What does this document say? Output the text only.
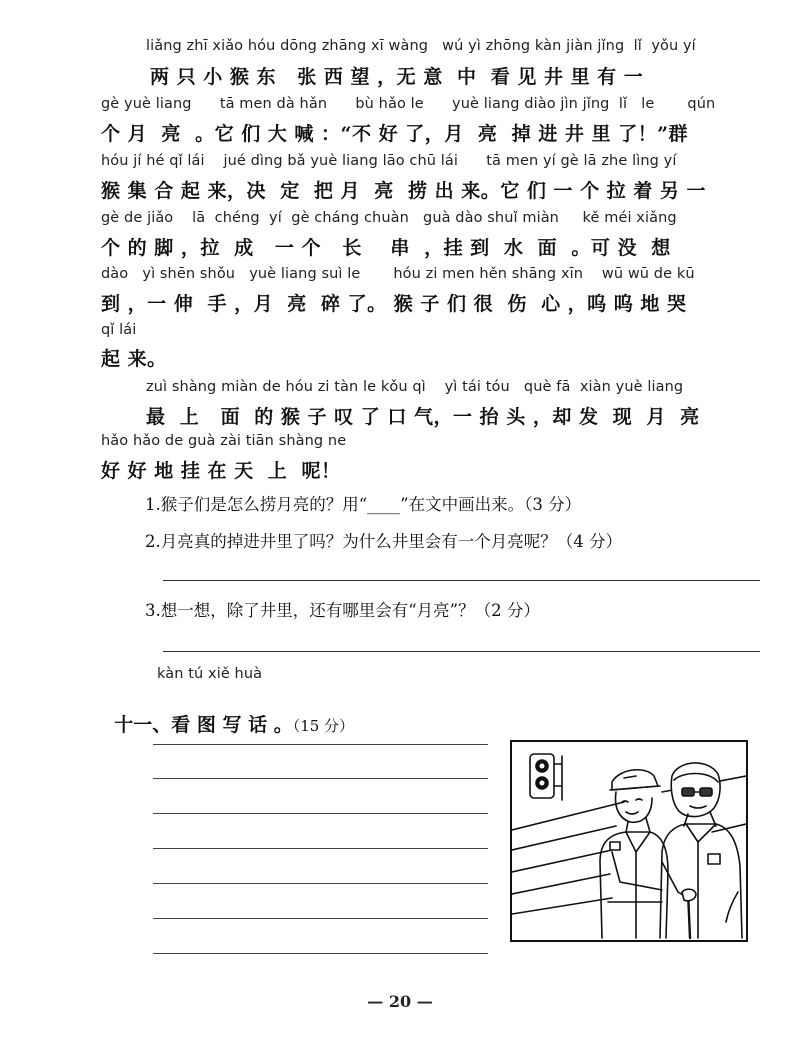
liǎng zhī xiǎo hóu dōng zhāng xī wàng   wú yì zhōng kàn jiàn jǐng  lǐ  yǒu yí
两 只 小 猴 东   张 西 望 ，无 意  中  看 见 井 里 有 一
gè yuè liang      tā men dà hǎn      bù hǎo le      yuè liang diào jìn jǐng  lǐ   le       qún
个 月  亮  。它 们 大 喊 ：“不 好 了，月  亮  掉 进 井 里 了！”群
hóu jí hé qǐ lái    jué dìng bǎ yuè liang lāo chū lái      tā men yí gè lā zhe lìng yí
猴 集 合 起 来，决  定  把 月  亮  捞 出 来。它 们 一 个 拉 着 另 一
gè de jiǎo    lā  chéng  yí  gè cháng chuàn   guà dào shuǐ miàn     kě méi xiǎng
个 的 脚 ，拉  成   一 个   长    串  ，挂 到  水  面  。可 没  想
dào   yì shēn shǒu   yuè liang suì le       hóu zi men hěn shāng xīn    wū wū de kū
到 ，一 伸  手 ，月  亮  碎 了。 猴 子 们 很  伤  心 ，呜 呜 地 哭
qǐ lái
起 来。
zuì shàng miàn de hóu zi tàn le kǒu qì    yì tái tóu   què fā  xiàn yuè liang
最  上   面  的 猴 子 叹 了 口 气，一 抬 头 ，却 发  现  月  亮
hǎo hǎo de guà zài tiān shàng ne
好 好 地 挂 在 天  上  呢！
1.猴子们是怎么捞月亮的？用“____”在文中画出来。（3 分）
2.月亮真的掉进井里了吗？为什么井里会有一个月亮呢？（4 分）
3.想一想，除了井里，还有哪里会有“月亮”？（2 分）
kàn tú xiě huà

十一、看 图 写 话 。（15 分）

— 20 —
